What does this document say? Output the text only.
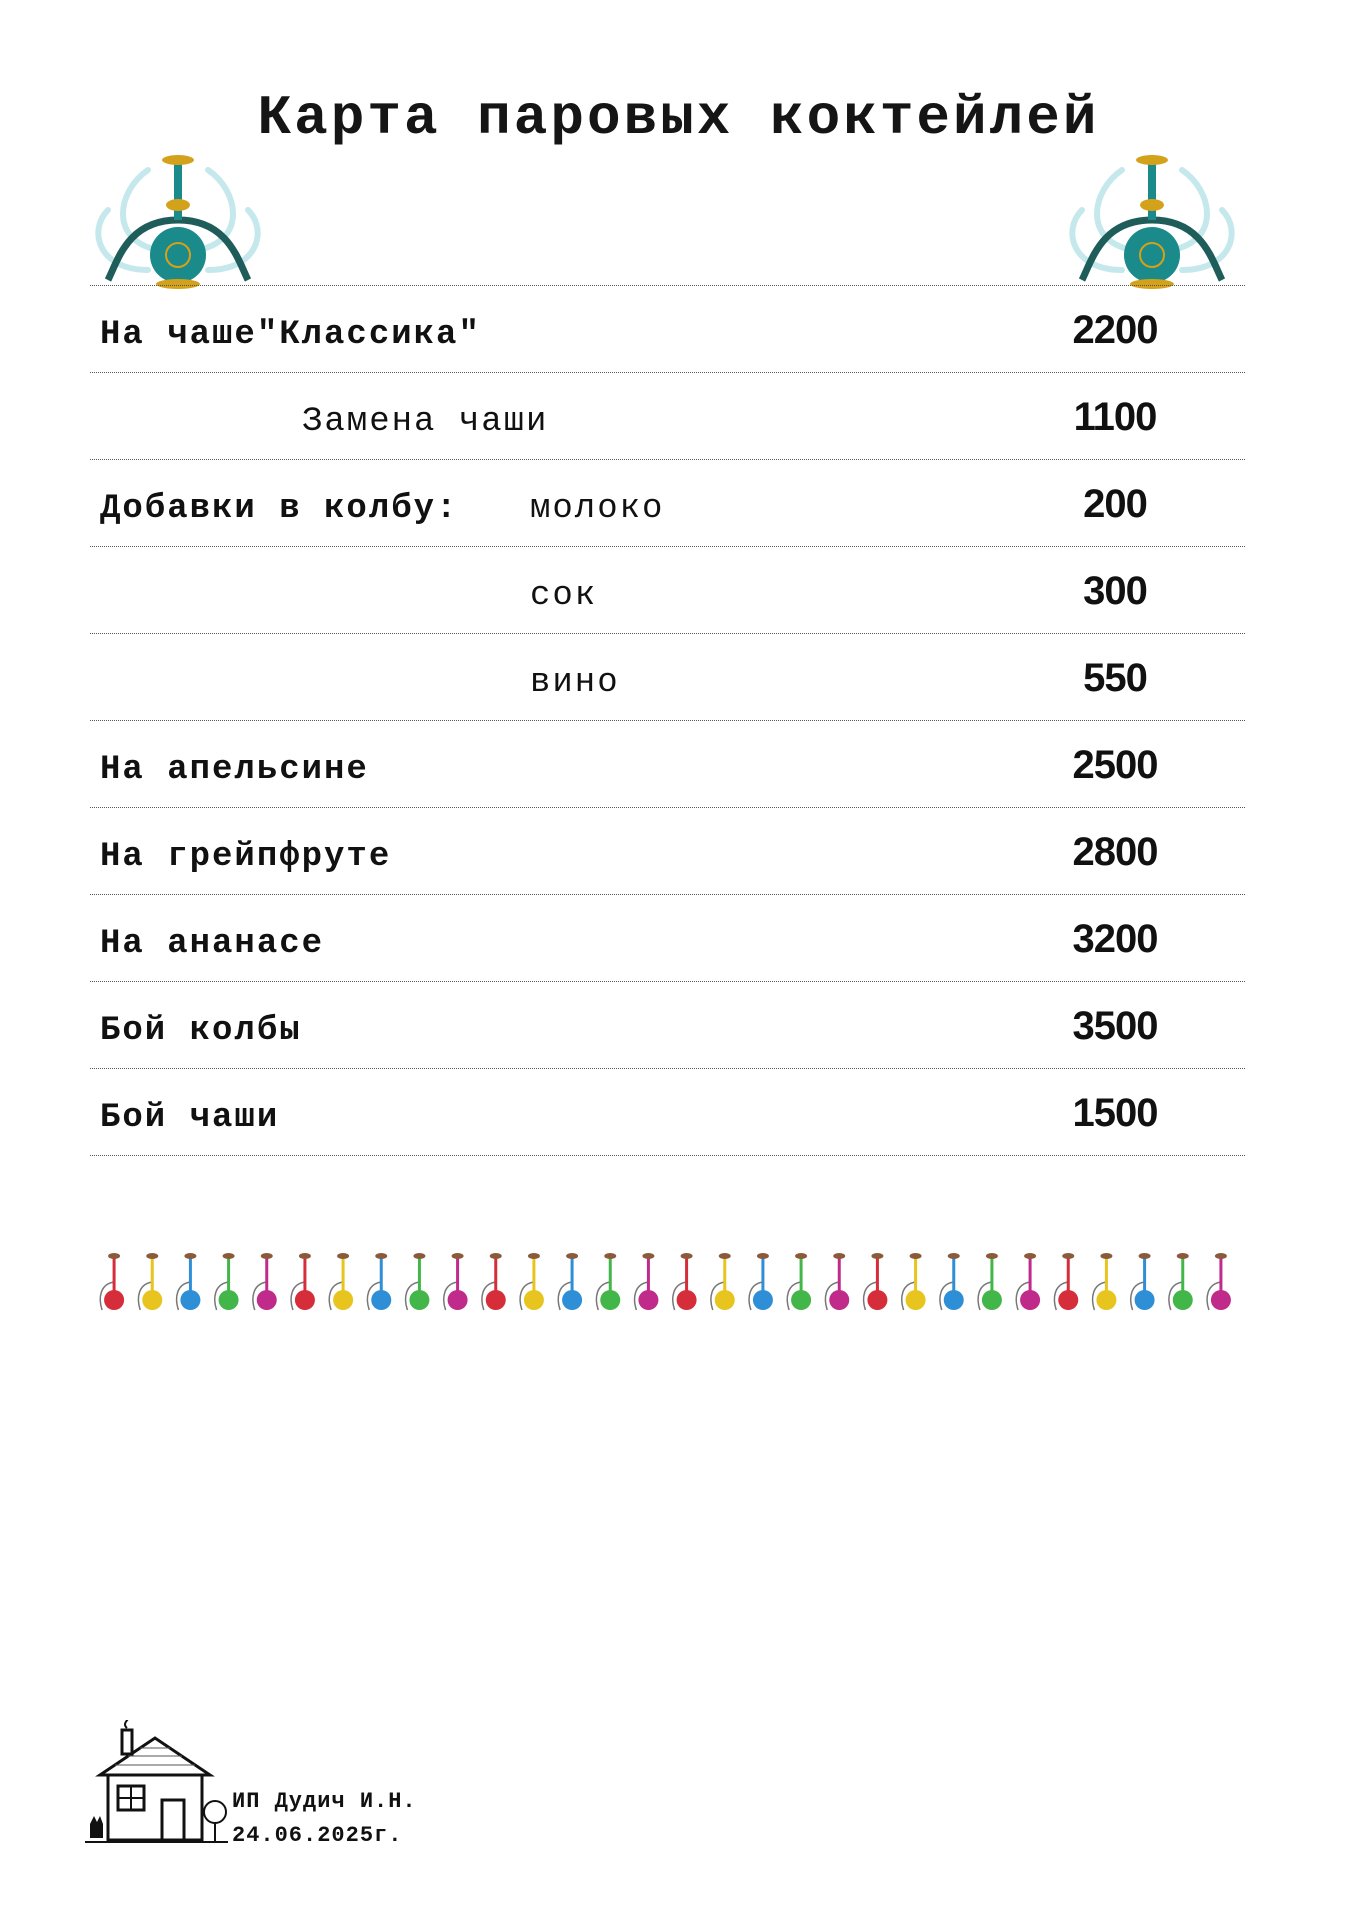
Карта паровых коктейлей
На чаше"Классика"	2200
Замена чаши	1100
Добавки в колбу: молоко	200
сок	300
вино	550
На апельсине	2500
На грейпфруте	2800
На ананасе	3200
Бой колбы	3500
Бой чаши	1500
ИП Дудич И.Н.
24.06.2025г.
